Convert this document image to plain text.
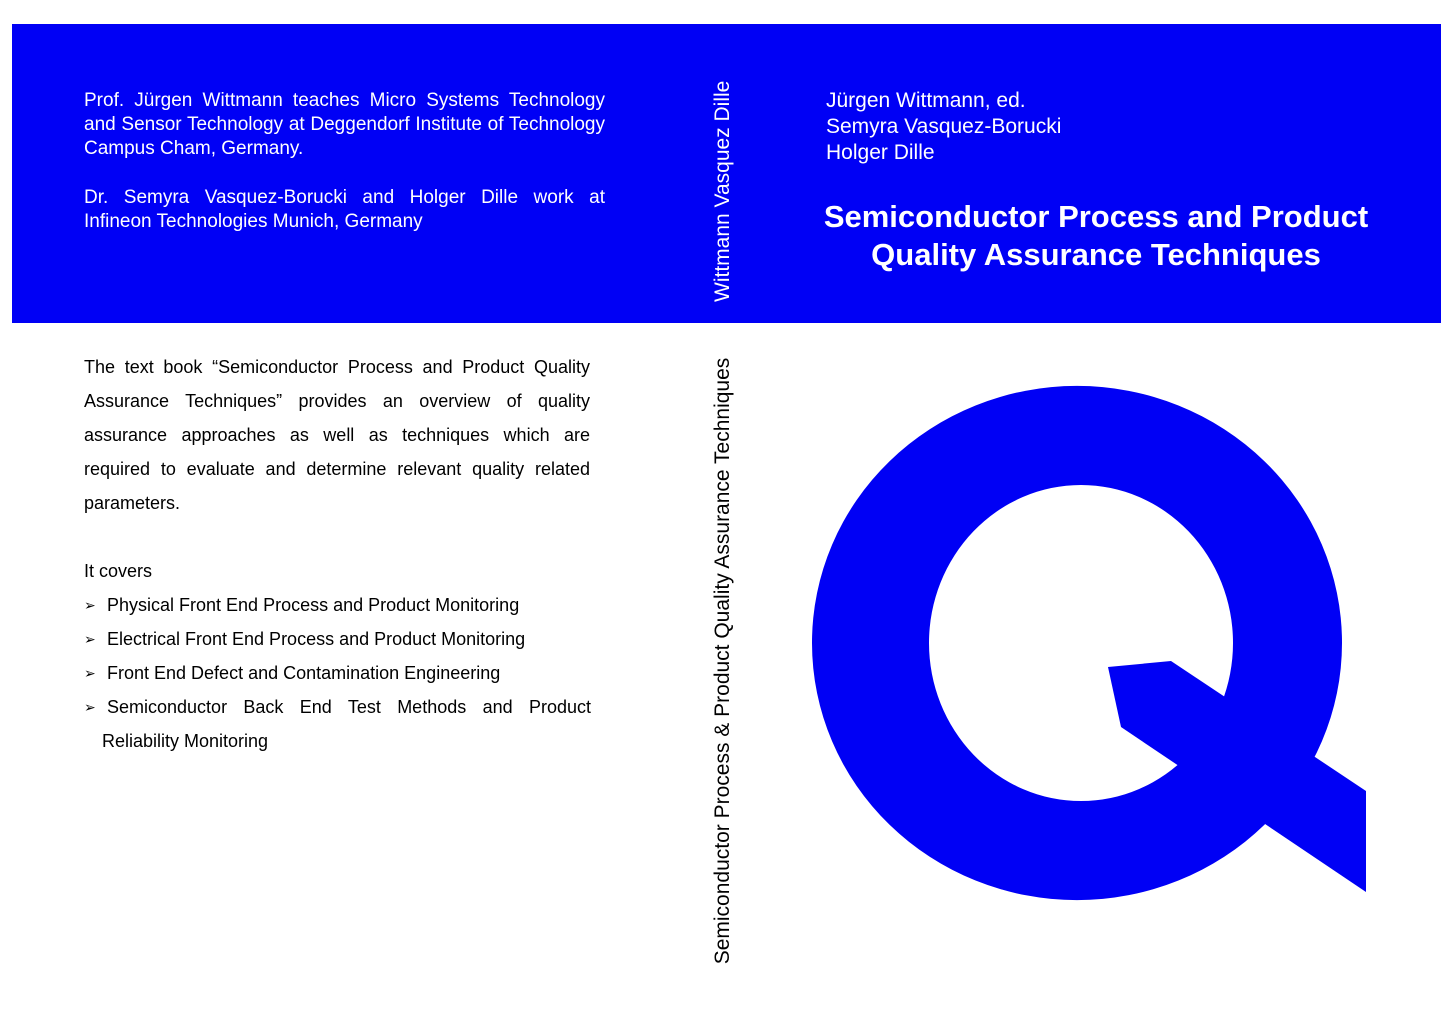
Prof. Jürgen Wittmann teaches Micro Systems Technology and Sensor Technology at Deggendorf Institute of Technology Campus Cham, Germany.

Dr. Semyra Vasquez-Borucki and Holger Dille work at Infineon Technologies Munich, Germany	Wittmann Vasquez Dille
Semiconductor Process & Product Quality Assurance Techniques
Jürgen Wittmann, ed.
Semyra Vasquez-Borucki
Holger Dille
Semiconductor Process and Product Quality Assurance Techniques

The text book “Semiconductor Process and Product Quality Assurance Techniques” provides an overview of quality assurance approaches as well as techniques which are required to evaluate and determine relevant quality related parameters.

It covers
➢ Physical Front End Process and Product Monitoring
➢ Electrical Front End Process and Product Monitoring
➢ Front End Defect and Contamination Engineering
➢ Semiconductor Back End Test Methods and Product Reliability Monitoring
